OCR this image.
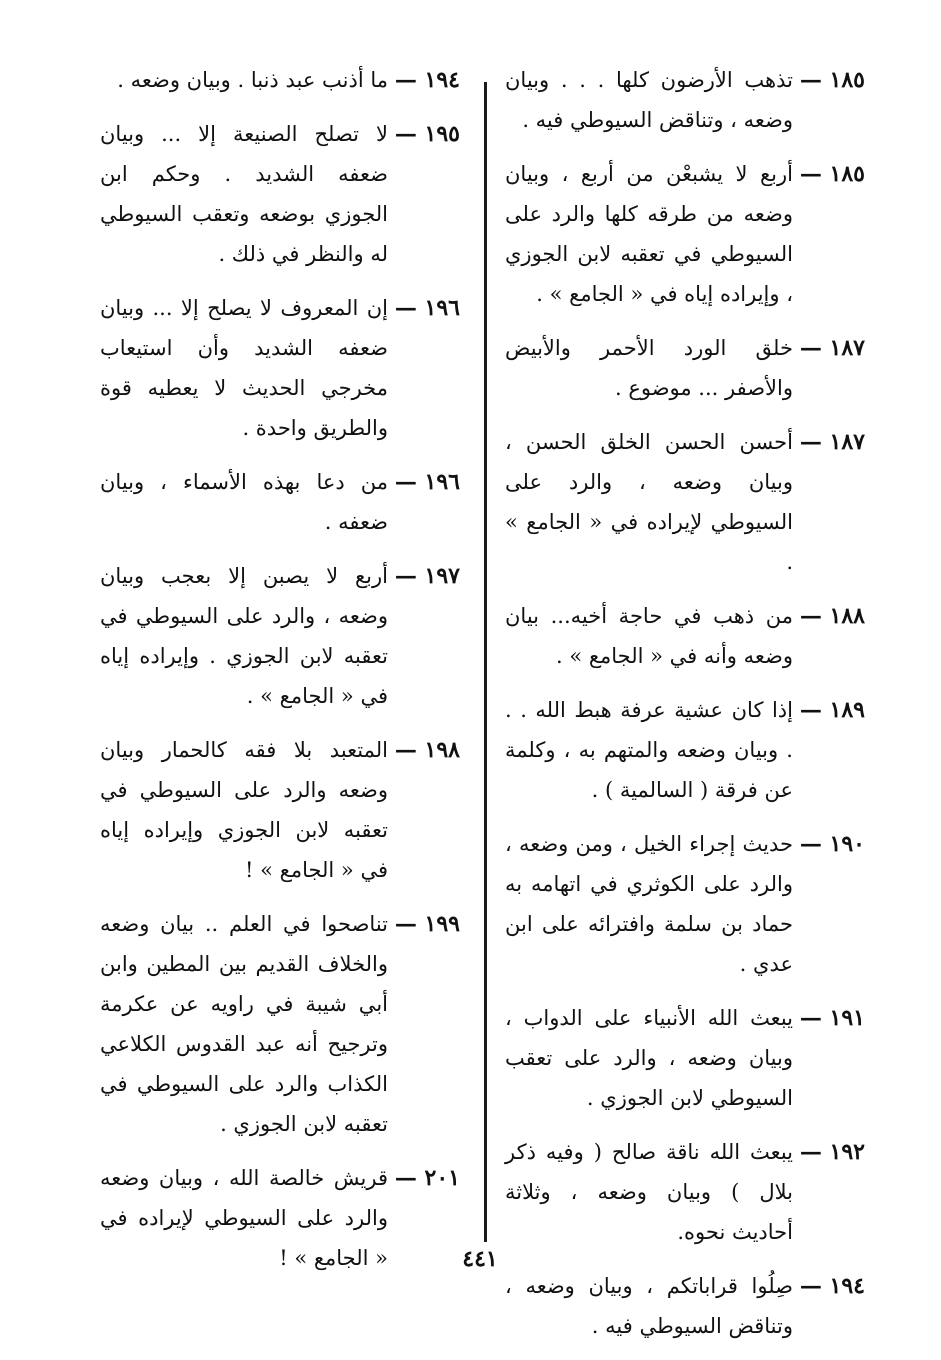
١٨٥ —
تذهب الأرضون كلها . . . وبيان وضعه ، وتناقض السيوطي فيه .
١٨٥ —
أربع لا يشبعْن من أربع ، وبيان وضعه من طرقه كلها والرد على السيوطي في تعقبه لابن الجوزي ، وإيراده إياه في « الجامع » .
١٨٧ —
خلق الورد الأحمر والأبيض والأصفر ... موضوع .
١٨٧ —
أحسن الحسن الخلق الحسن ، وبيان وضعه ، والرد على السيوطي لإيراده في « الجامع » .
١٨٨ —
من ذهب في حاجة أخيه... بيان وضعه وأنه في « الجامع » .
١٨٩ —
إذا كان عشية عرفة هبط الله . . . وبيان وضعه والمتهم به ، وكلمة عن فرقة ( السالمية ) .
١٩٠ —
حديث إجراء الخيل ، ومن وضعه ، والرد على الكوثري في اتهامه به حماد بن سلمة وافترائه على ابن عدي .
١٩١ —
يبعث الله الأنبياء على الدواب ، وبيان وضعه ، والرد على تعقب السيوطي لابن الجوزي .
١٩٢ —
يبعث الله ناقة صالح ( وفيه ذكر بلال ) وبيان وضعه ، وثلاثة أحاديث نحوه.
١٩٤ —
صِلُوا قراباتكم ، وبيان وضعه ، وتناقض السيوطي فيه .
١٩٤ —
ما أذنب عبد ذنبا . وبيان وضعه .
١٩٥ —
لا تصلح الصنيعة إلا ... وبيان ضعفه الشديد . وحكم ابن الجوزي بوضعه وتعقب السيوطي له والنظر في ذلك .
١٩٦ —
إن المعروف لا يصلح إلا ... وبيان ضعفه الشديد وأن استيعاب مخرجي الحديث لا يعطيه قوة والطريق واحدة .
١٩٦ —
من دعا بهذه الأسماء ، وبيان ضعفه .
١٩٧ —
أربع لا يصبن إلا بعجب وبيان وضعه ، والرد على السيوطي في تعقبه لابن الجوزي . وإيراده إياه في « الجامع » .
١٩٨ —
المتعبد بلا فقه كالحمار وبيان وضعه والرد على السيوطي في تعقبه لابن الجوزي وإيراده إياه في « الجامع » !
١٩٩ —
تناصحوا في العلم .. بيان وضعه والخلاف القديم بين المطين وابن أبي شيبة في راويه عن عكرمة وترجيح أنه عبد القدوس الكلاعي الكذاب والرد على السيوطي في تعقبه لابن الجوزي .
٢٠١ —
قريش خالصة الله ، وبيان وضعه والرد على السيوطي لإيراده في « الجامع » !	٤٤١
